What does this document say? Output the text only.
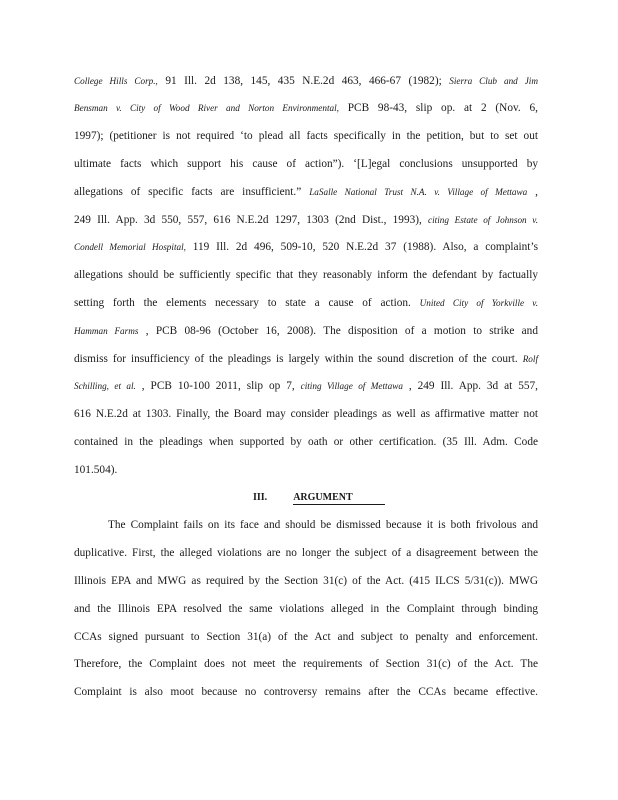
College Hills Corp., 91 Ill. 2d 138, 145, 435 N.E.2d 463, 466-67 (1982); Sierra Club and Jim
Bensman v. City of Wood River and Norton Environmental, PCB 98-43, slip op. at 2 (Nov. 6,
1997); (petitioner is not required ‘to plead all facts specifically in the petition, but to set out
ultimate facts which support his cause of action”). ‘[L]egal conclusions unsupported by
allegations of specific facts are insufficient.” LaSalle National Trust N.A. v. Village of Mettawa ,
249 Ill. App. 3d 550, 557, 616 N.E.2d 1297, 1303 (2nd Dist., 1993), citing Estate of Johnson v.
Condell Memorial Hospital, 119 Ill. 2d 496, 509-10, 520 N.E.2d 37 (1988). Also, a complaint’s
allegations should be sufficiently specific that they reasonably inform the defendant by factually
setting forth the elements necessary to state a cause of action. United City of Yorkville v.
Hamman Farms , PCB 08-96 (October 16, 2008). The disposition of a motion to strike and
dismiss for insufficiency of the pleadings is largely within the sound discretion of the court. Rolf
Schilling, et al. , PCB 10-100 2011, slip op 7, citing Village of Mettawa , 249 Ill. App. 3d at 557,
616 N.E.2d at 1303. Finally, the Board may consider pleadings as well as affirmative matter not
contained in the pleadings when supported by oath or other certification. (35 Ill. Adm. Code
101.504).
III.	ARGUMENT
The Complaint fails on its face and should be dismissed because it is both frivolous and
duplicative. First, the alleged violations are no longer the subject of a disagreement between the
Illinois EPA and MWG as required by the Section 31(c) of the Act. (415 ILCS 5/31(c)). MWG
and the Illinois EPA resolved the same violations alleged in the Complaint through binding
CCAs signed pursuant to Section 31(a) of the Act and subject to penalty and enforcement.
Therefore, the Complaint does not meet the requirements of Section 31(c) of the Act. The
Complaint is also moot because no controversy remains after the CCAs became effective.
